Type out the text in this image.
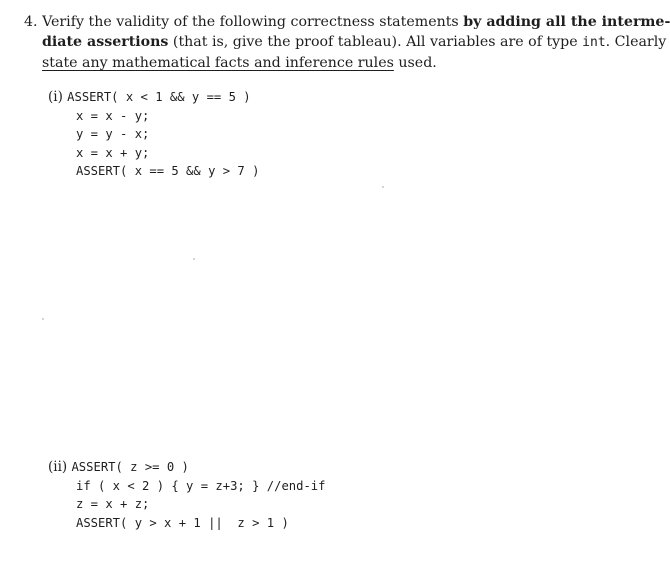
4. Verify the validity of the following correctness statements by adding all the interme-
diate assertions (that is, give the proof tableau). All variables are of type int. Clearly
state any mathematical facts and inference rules used.
(i) ASSERT( x < 1 && y == 5 )
x = x - y;
y = y - x;
x = x + y;
ASSERT( x == 5 && y > 7 )
(ii) ASSERT( z >= 0 )
if ( x < 2 ) { y = z+3; } //end-if
z = x + z;
ASSERT( y > x + 1 ||  z > 1 )
